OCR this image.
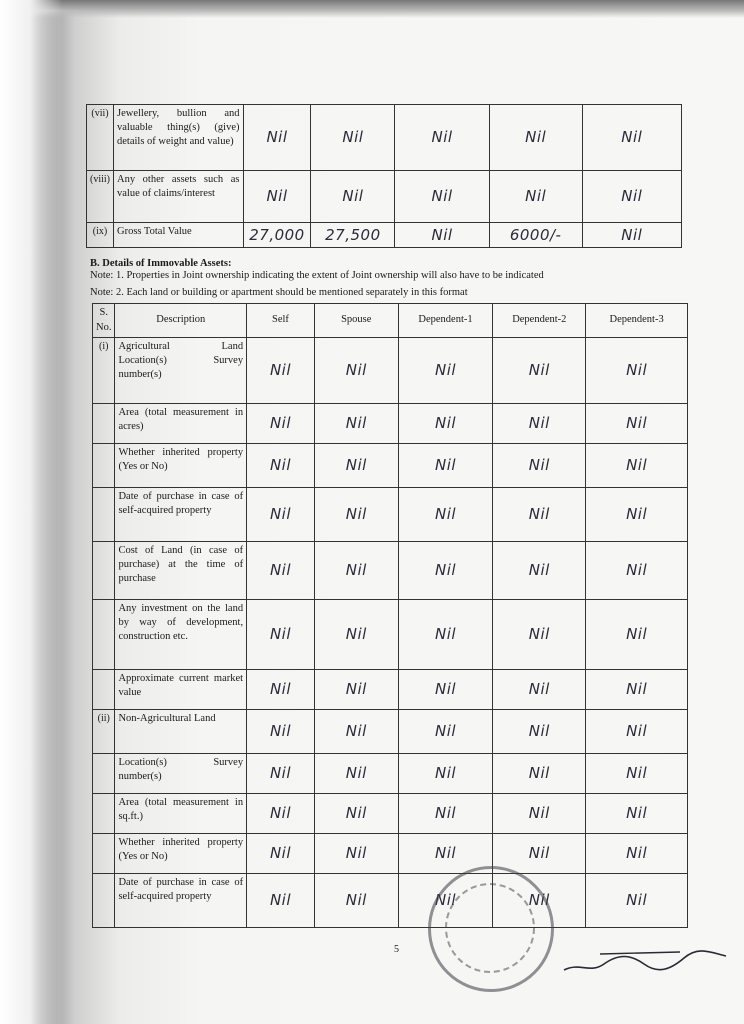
(vii)	Jewellery, bullion and valuable thing(s) (give) details of weight and value)	Nil	Nil	Nil	Nil	Nil
(viii)	Any other assets such as value of claims/interest	Nil	Nil	Nil	Nil	Nil
(ix)	Gross Total Value	27,000	27,500	Nil	6000/-	Nil
B. Details of Immovable Assets:
Note: 1. Properties in Joint ownership indicating the extent of Joint ownership will also have to be indicated
Note: 2. Each land or building or apartment should be mentioned separately in this format
S. No.	Description	Self	Spouse	Dependent-1	Dependent-2	Dependent-3
(i)	Agricultural Land Location(s) Survey number(s)	Nil	Nil	Nil	Nil	Nil
	Area (total measurement in acres)	Nil	Nil	Nil	Nil	Nil
	Whether inherited property (Yes or No)	Nil	Nil	Nil	Nil	Nil
	Date of purchase in case of self-acquired property	Nil	Nil	Nil	Nil	Nil
	Cost of Land (in case of purchase) at the time of purchase	Nil	Nil	Nil	Nil	Nil
	Any investment on the land by way of development, construction etc.	Nil	Nil	Nil	Nil	Nil
	Approximate current market value	Nil	Nil	Nil	Nil	Nil
(ii)	Non-Agricultural Land	Nil	Nil	Nil	Nil	Nil
	Location(s) Survey number(s)	Nil	Nil	Nil	Nil	Nil
	Area (total measurement in sq.ft.)	Nil	Nil	Nil	Nil	Nil
	Whether inherited property (Yes or No)	Nil	Nil	Nil	Nil	Nil
	Date of purchase in case of self-acquired property	Nil	Nil	Nil	Nil	Nil
5
